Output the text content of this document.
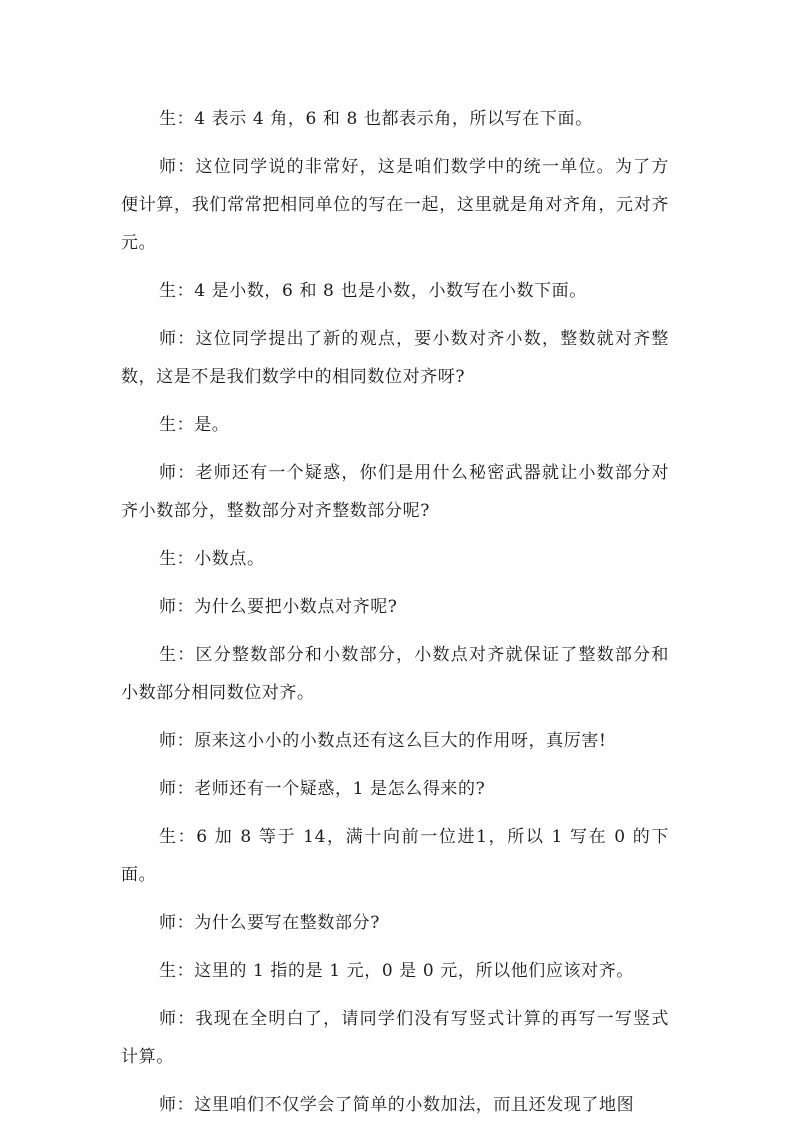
生：4 表示 4 角，6 和 8 也都表示角，所以写在下面。

师：这位同学说的非常好，这是咱们数学中的统一单位。为了方便计算，我们常常把相同单位的写在一起，这里就是角对齐角，元对齐元。

生：4 是小数，6 和 8 也是小数，小数写在小数下面。

师：这位同学提出了新的观点，要小数对齐小数，整数就对齐整数，这是不是我们数学中的相同数位对齐呀?

生：是。

师：老师还有一个疑惑，你们是用什么秘密武器就让小数部分对齐小数部分，整数部分对齐整数部分呢?

生：小数点。

师：为什么要把小数点对齐呢?

生：区分整数部分和小数部分，小数点对齐就保证了整数部分和小数部分相同数位对齐。

师：原来这小小的小数点还有这么巨大的作用呀，真厉害!

师：老师还有一个疑惑，1 是怎么得来的?

生：6 加 8 等于 14，满十向前一位进1，所以 1 写在 0 的下面。

师：为什么要写在整数部分?

生：这里的 1 指的是 1 元，0 是 0 元，所以他们应该对齐。

师：我现在全明白了，请同学们没有写竖式计算的再写一写竖式计算。

师：这里咱们不仅学会了简单的小数加法，而且还发现了地图
